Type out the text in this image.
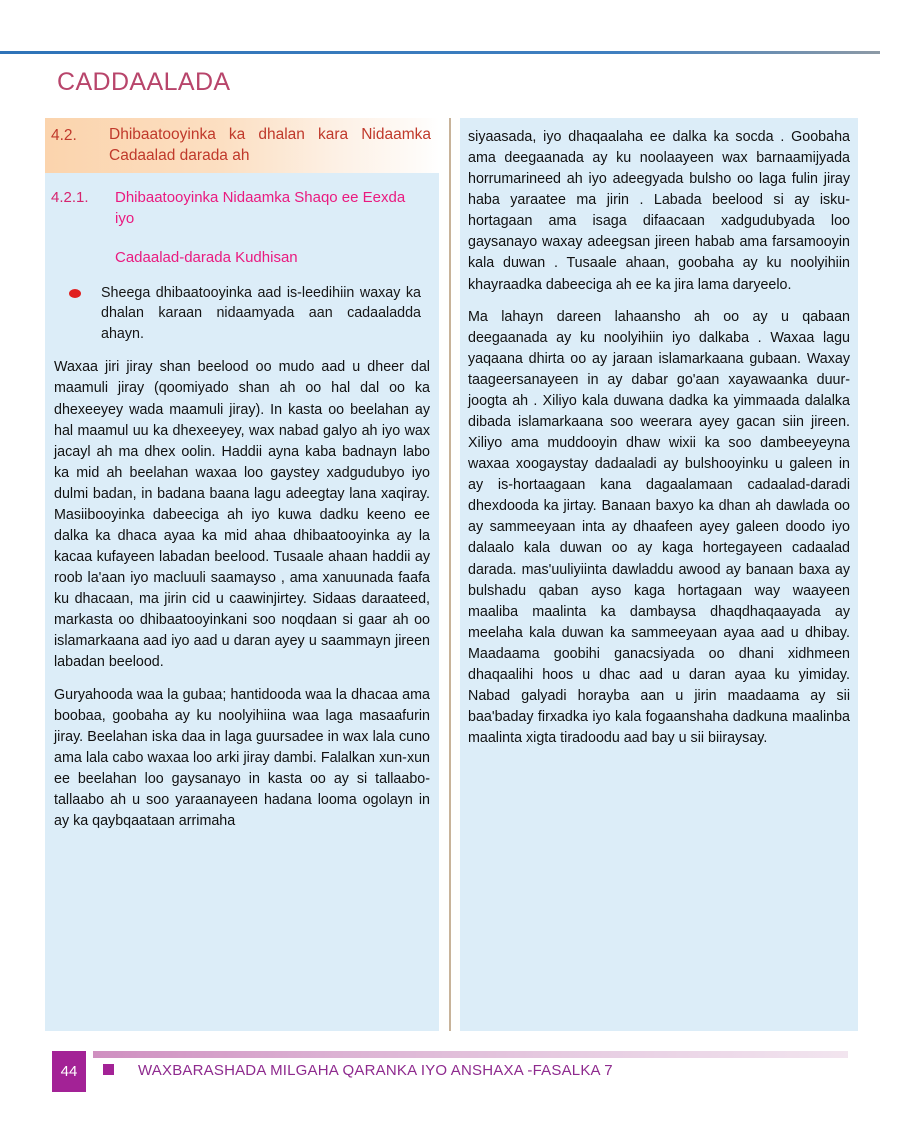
CADDAALADA
4.2.	Dhibaatooyinka ka dhalan kara Nidaamka Cadaalad darada ah
4.2.1.	Dhibaatooyinka Nidaamka Shaqo ee Eexda iyo
Cadaalad-darada Kudhisan
Sheega dhibaatooyinka aad is-leedihiin waxay ka dhalan karaan nidaamyada aan cadaaladda ahayn.
Waxaa jiri jiray shan beelood oo mudo aad u dheer dal maamuli jiray (qoomiyado shan ah oo hal dal oo ka dhexeeyey wada maamuli jiray). In kasta oo beelahan ay hal maamul uu ka dhexeeyey, wax nabad galyo ah iyo wax jacayl ah ma dhex oolin. Haddii ayna kaba badnayn labo ka mid ah beelahan waxaa loo gaystey xadgudubyo iyo dulmi badan, in badana baana lagu adeegtay lana xaqiray. Masiibooyinka dabeeciga ah iyo kuwa dadku keeno ee dalka ka dhaca ayaa ka mid ahaa dhibaatooyinka ay la kacaa kufayeen labadan beelood. Tusaale ahaan haddii ay roob la'aan iyo macluuli saamayso , ama xanuunada faafa ku dhacaan, ma jirin cid u caawinjirtey. Sidaas daraateed, markasta oo dhibaatooyinkani soo noqdaan si gaar ah oo islamarkaana aad iyo aad u daran ayey u saammayn jireen labadan beelood.
Guryahooda waa la gubaa; hantidooda waa la dhacaa ama boobaa, goobaha ay ku noolyihiina waa laga masaafurin jiray. Beelahan iska daa in laga guursadee in wax lala cuno ama lala cabo waxaa loo arki jiray dambi. Falalkan xun-xun ee beelahan loo gaysanayo in kasta oo ay si tallaabo-tallaabo ah u soo yaraanayeen hadana looma ogolayn in ay ka qaybqaataan arrimaha
siyaasada, iyo dhaqaalaha ee dalka ka socda . Goobaha ama deegaanada ay ku noolaayeen wax barnaamijyada horrumarineed ah iyo adeegyada bulsho oo laga fulin jiray haba yaraatee ma jirin . Labada beelood si ay isku-hortagaan ama isaga difaacaan xadgudubyada loo gaysanayo waxay adeegsan jireen habab ama farsamooyin kala duwan . Tusaale ahaan, goobaha ay ku noolyihiin khayraadka dabeeciga ah ee ka jira lama daryeelo.
Ma lahayn dareen lahaansho ah oo ay u qabaan deegaanada ay ku noolyihiin iyo dalkaba . Waxaa lagu yaqaana dhirta oo ay jaraan islamarkaana gubaan. Waxay taageersanayeen in ay dabar go'aan xayawaanka duur-joogta ah . Xiliyo kala duwana dadka ka yimmaada dalalka dibada islamarkaana soo weerara ayey gacan siin jireen. Xiliyo ama muddooyin dhaw wixii ka soo dambeeyeyna waxaa xoogaystay dadaaladi ay bulshooyinku u galeen in ay is-hortaagaan kana dagaalamaan cadaalad-daradi dhexdooda ka jirtay. Banaan baxyo ka dhan ah dawlada oo ay sammeeyaan inta ay dhaafeen ayey galeen doodo iyo dalaalo kala duwan oo ay kaga hortegayeen cadaalad darada. mas'uuliyiinta dawladdu awood ay banaan baxa ay bulshadu qaban ayso kaga hortagaan way waayeen maaliba maalinta ka dambaysa dhaqdhaqaayada ay meelaha kala duwan ka sammeeyaan ayaa aad u dhibay. Maadaama goobihi ganacsiyada oo dhani xidhmeen dhaqaalihi hoos u dhac aad u daran ayaa ku yimiday. Nabad galyadi horayba aan u jirin maadaama ay sii baa'baday firxadka iyo kala fogaanshaha dadkuna maalinba maalinta xigta tiradoodu aad bay u sii biiraysay.
44	WAXBARASHADA MILGAHA QARANKA IYO ANSHAXA -FASALKA 7
